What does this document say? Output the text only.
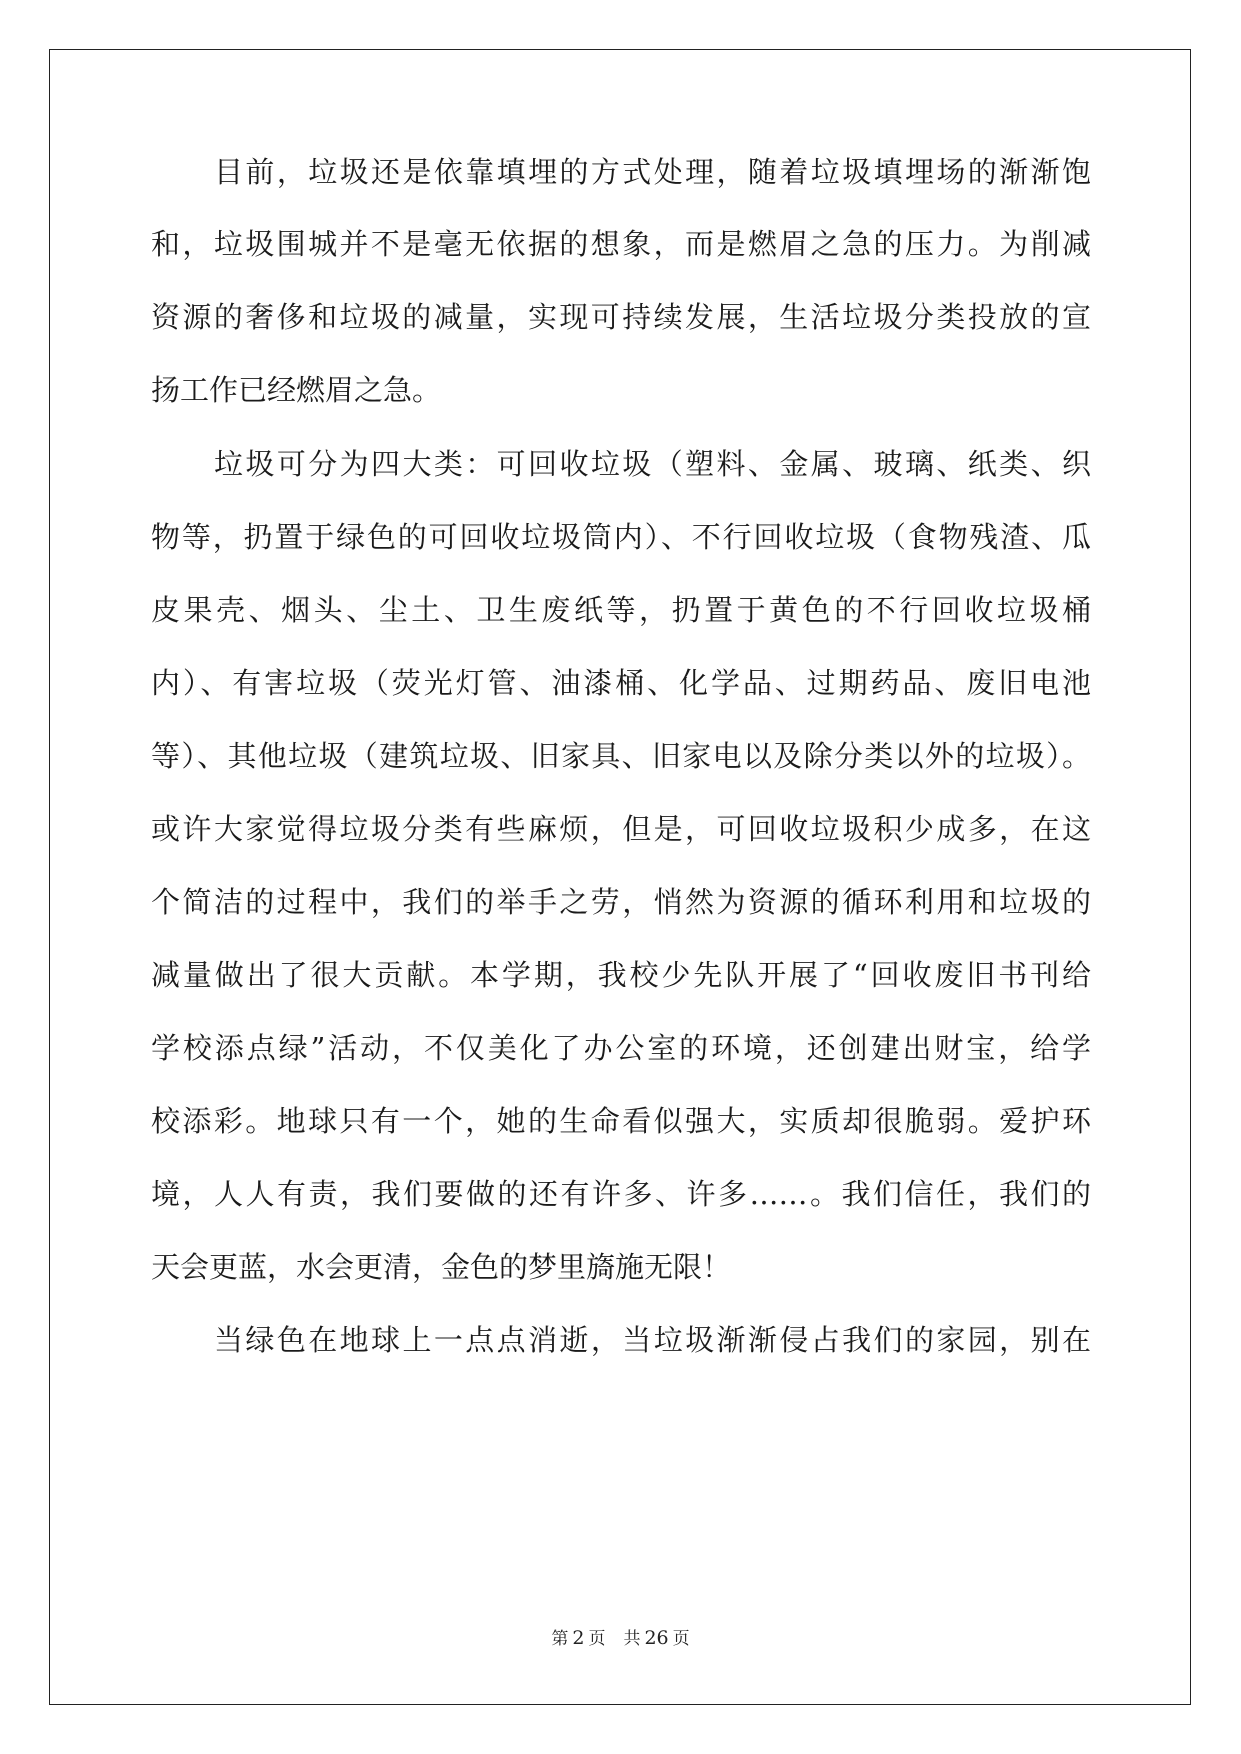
目前，垃圾还是依靠填埋的方式处理，随着垃圾填埋场的渐渐饱
和，垃圾围城并不是毫无依据的想象，而是燃眉之急的压力。为削减
资源的奢侈和垃圾的减量，实现可持续发展，生活垃圾分类投放的宣
扬工作已经燃眉之急。
垃圾可分为四大类：可回收垃圾（塑料、金属、玻璃、纸类、织
物等，扔置于绿色的可回收垃圾筒内）、不行回收垃圾（食物残渣、瓜
皮果壳、烟头、尘土、卫生废纸等，扔置于黄色的不行回收垃圾桶
内）、有害垃圾（荧光灯管、油漆桶、化学品、过期药品、废旧电池
等）、其他垃圾（建筑垃圾、旧家具、旧家电以及除分类以外的垃圾）。
或许大家觉得垃圾分类有些麻烦，但是，可回收垃圾积少成多，在这
个简洁的过程中，我们的举手之劳，悄然为资源的循环利用和垃圾的
减量做出了很大贡献。本学期，我校少先队开展了“回收废旧书刊给
学校添点绿”活动，不仅美化了办公室的环境，还创建出财宝，给学
校添彩。地球只有一个，她的生命看似强大，实质却很脆弱。爱护环
境，人人有责，我们要做的还有许多、许多……。我们信任，我们的
天会更蓝，水会更清，金色的梦里旖施无限！
当绿色在地球上一点点消逝，当垃圾渐渐侵占我们的家园，别在
第 2 页 共 26 页
